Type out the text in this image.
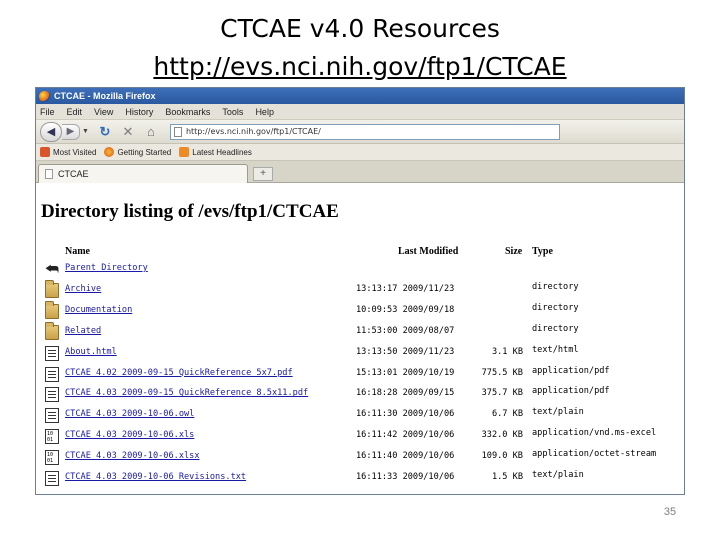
CTCAE v4.0 Resources
http://evs.nci.nih.gov/ftp1/CTCAE
CTCAE - Mozilla Firefox
File Edit View History Bookmarks Tools Help
◀ ▶ ▼ ↻ ✕	⌂	http://evs.nci.nih.gov/ftp1/CTCAE/
Most Visited	Getting Started	Latest Headlines
CTCAE	+
Directory listing of /evs/ftp1/CTCAE
Name	Last Modified	Size Type
⮪ Parent Directory
Archive	13:13:17 2009/11/23	directory
Documentation	10:09:53 2009/09/18	directory
Related	11:53:00 2009/08/07	directory
About.html	13:13:50 2009/11/23	3.1 KB text/html
CTCAE_4.02_2009-09-15_QuickReference_5x7.pdf	15:13:01 2009/10/19	775.5 KB application/pdf
CTCAE_4.03_2009-09-15_QuickReference_8.5x11.pdf	16:18:28 2009/09/15	375.7 KB application/pdf
CTCAE_4.03_2009-10-06.owl	16:11:30 2009/10/06	6.7 KB text/plain
10
01	CTCAE_4.03_2009-10-06.xls	16:11:42 2009/10/06	332.0 KB application/vnd.ms-excel
10
01	CTCAE_4.03_2009-10-06.xlsx	16:11:40 2009/10/06	109.0 KB application/octet-stream
CTCAE_4.03_2009-10-06_Revisions.txt	16:11:33 2009/10/06	1.5 KB text/plain
35
